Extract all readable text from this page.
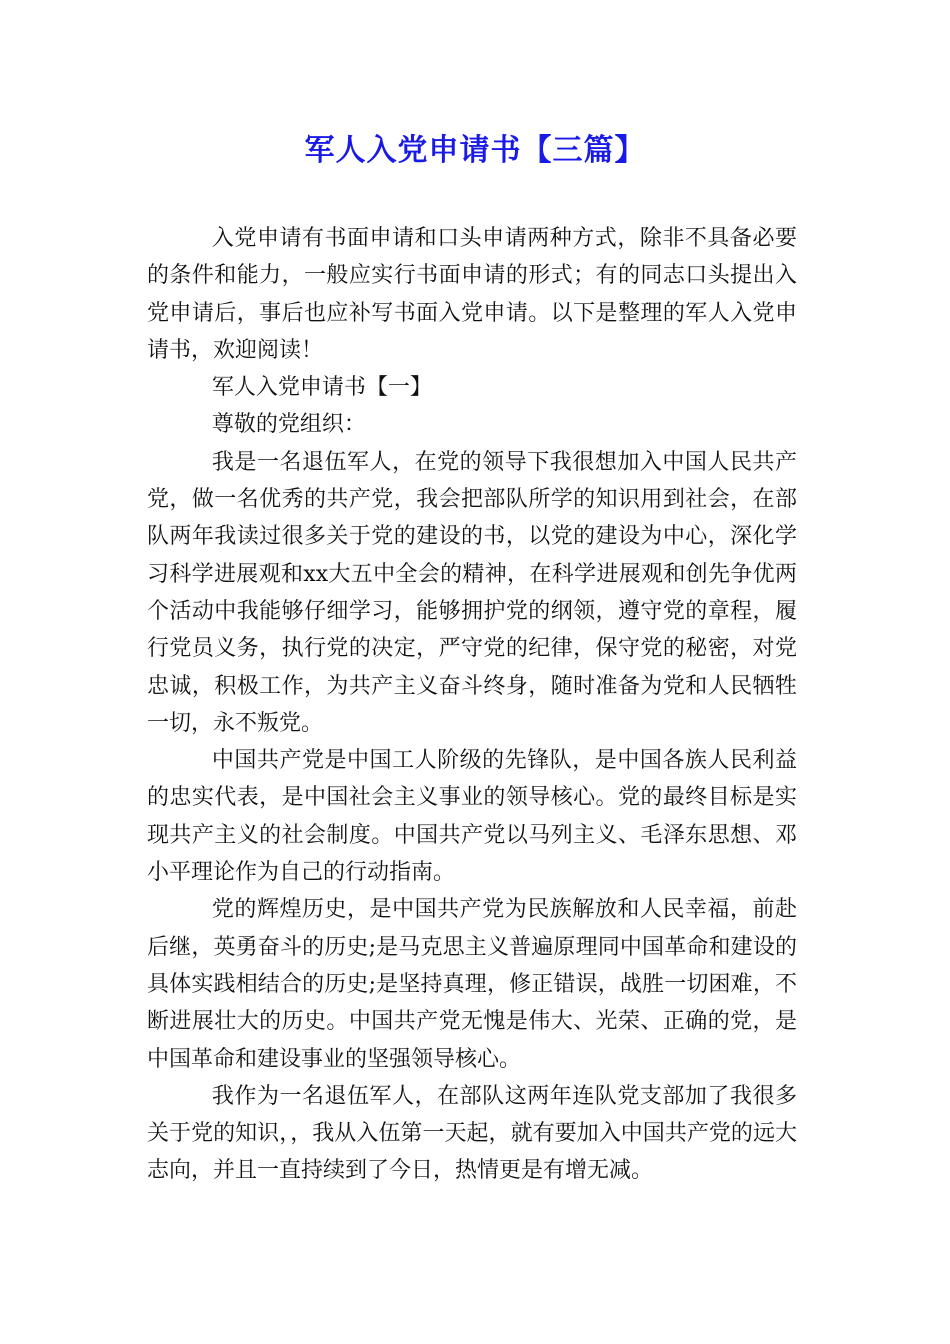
军人入党申请书【三篇】

入党申请有书面申请和口头申请两种方式，除非不具备必要的条件和能力，一般应实行书面申请的形式；有的同志口头提出入党申请后，事后也应补写书面入党申请。以下是整理的军人入党申请书，欢迎阅读！

军人入党申请书【一】

尊敬的党组织：

我是一名退伍军人，在党的领导下我很想加入中国人民共产党，做一名优秀的共产党，我会把部队所学的知识用到社会，在部队两年我读过很多关于党的建设的书，以党的建设为中心，深化学习科学进展观和xx大五中全会的精神，在科学进展观和创先争优两个活动中我能够仔细学习，能够拥护党的纲领，遵守党的章程，履行党员义务，执行党的决定，严守党的纪律，保守党的秘密，对党忠诚，积极工作，为共产主义奋斗终身，随时准备为党和人民牺牲一切，永不叛党。

中国共产党是中国工人阶级的先锋队，是中国各族人民利益的忠实代表，是中国社会主义事业的领导核心。党的最终目标是实现共产主义的社会制度。中国共产党以马列主义、毛泽东思想、邓小平理论作为自己的行动指南。

党的辉煌历史，是中国共产党为民族解放和人民幸福，前赴后继，英勇奋斗的历史;是马克思主义普遍原理同中国革命和建设的具体实践相结合的历史;是坚持真理，修正错误，战胜一切困难，不断进展壮大的历史。中国共产党无愧是伟大、光荣、正确的党，是中国革命和建设事业的坚强领导核心。

我作为一名退伍军人，在部队这两年连队党支部加了我很多关于党的知识，，我从入伍第一天起，就有要加入中国共产党的远大志向，并且一直持续到了今日，热情更是有增无减。
